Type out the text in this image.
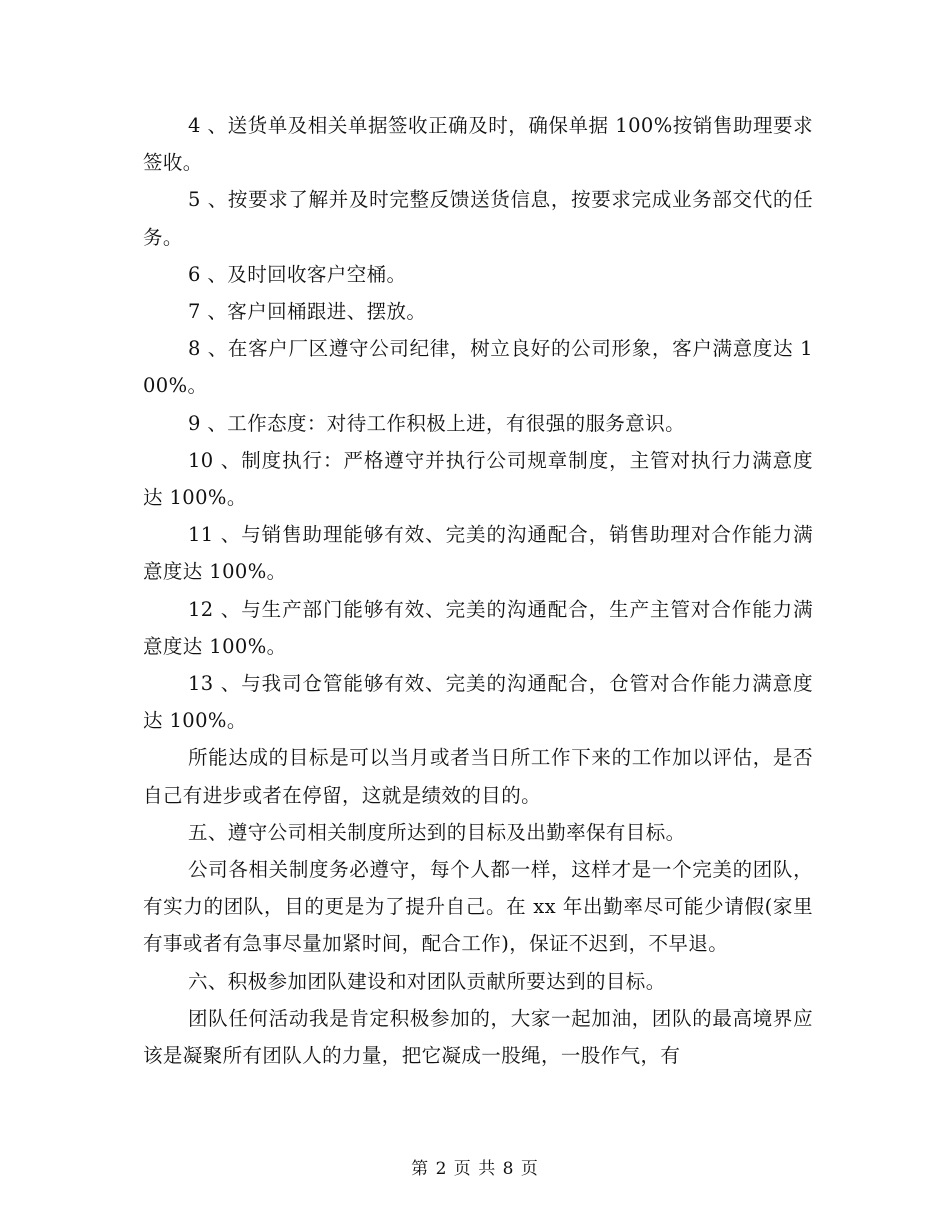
4 、送货单及相关单据签收正确及时，确保单据 100%按销售助理要求签收。

5 、按要求了解并及时完整反馈送货信息，按要求完成业务部交代的任务。

6 、及时回收客户空桶。

7 、客户回桶跟进、摆放。

8 、在客户厂区遵守公司纪律，树立良好的公司形象，客户满意度达 100%。

9 、工作态度：对待工作积极上进，有很强的服务意识。

10 、制度执行：严格遵守并执行公司规章制度，主管对执行力满意度达 100%。

11 、与销售助理能够有效、完美的沟通配合，销售助理对合作能力满意度达 100%。

12 、与生产部门能够有效、完美的沟通配合，生产主管对合作能力满意度达 100%。

13 、与我司仓管能够有效、完美的沟通配合，仓管对合作能力满意度达 100%。

所能达成的目标是可以当月或者当日所工作下来的工作加以评估，是否自己有进步或者在停留，这就是绩效的目的。

五、遵守公司相关制度所达到的目标及出勤率保有目标。

公司各相关制度务必遵守，每个人都一样，这样才是一个完美的团队，有实力的团队，目的更是为了提升自己。在 xx 年出勤率尽可能少请假(家里有事或者有急事尽量加紧时间，配合工作)，保证不迟到，不早退。

六、积极参加团队建设和对团队贡献所要达到的目标。

团队任何活动我是肯定积极参加的，大家一起加油，团队的最高境界应该是凝聚所有团队人的力量，把它凝成一股绳，一股作气，有

第 2 页 共 8 页
